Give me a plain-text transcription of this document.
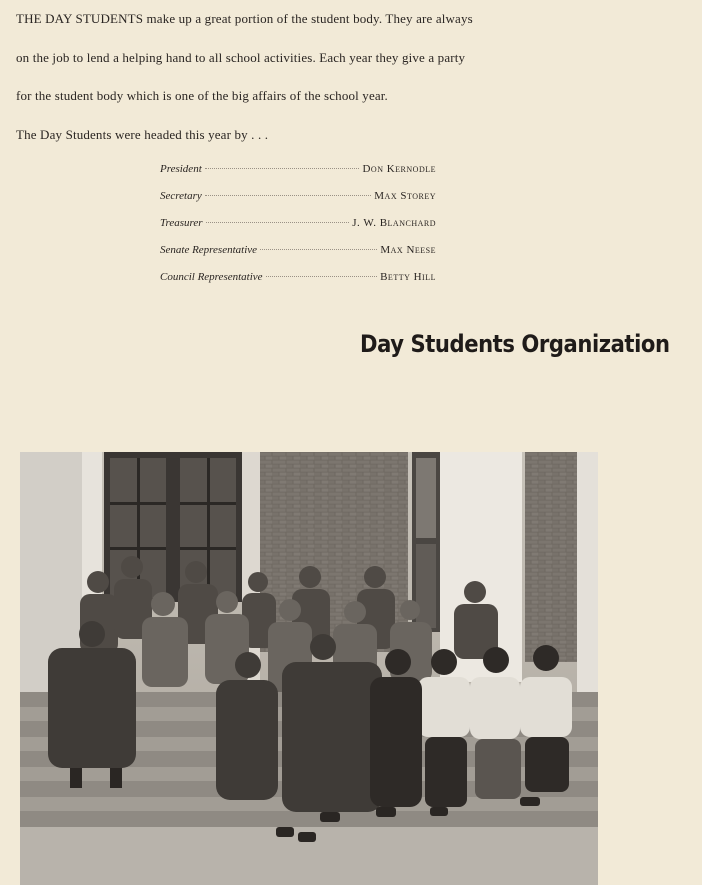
THE DAY STUDENTS make up a great portion of the student body. They are always
on the job to lend a helping hand to all school activities. Each year they give a party
for the student body which is one of the big affairs of the school year.
The Day Students were headed this year by . . .
President	Don Kernodle
Secretary	Max Storey
Treasurer	J. W. Blanchard
Senate Representative	Max Neese
Council Representative	Betty Hill
Day Students Organization
